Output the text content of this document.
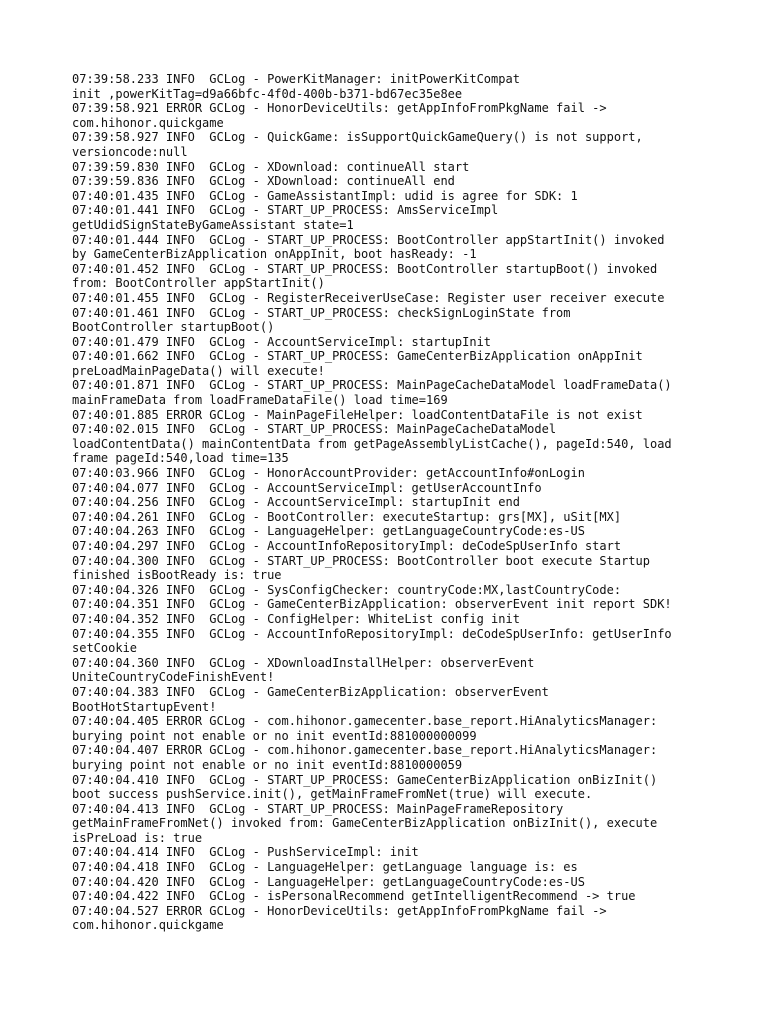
07:39:58.233 INFO  GCLog - PowerKitManager: initPowerKitCompat
init ,powerKitTag=d9a66bfc-4f0d-400b-b371-bd67ec35e8ee
07:39:58.921 ERROR GCLog - HonorDeviceUtils: getAppInfoFromPkgName fail ->
com.hihonor.quickgame
07:39:58.927 INFO  GCLog - QuickGame: isSupportQuickGameQuery() is not support,
versioncode:null
07:39:59.830 INFO  GCLog - XDownload: continueAll start
07:39:59.836 INFO  GCLog - XDownload: continueAll end
07:40:01.435 INFO  GCLog - GameAssistantImpl: udid is agree for SDK: 1
07:40:01.441 INFO  GCLog - START_UP_PROCESS: AmsServiceImpl
getUdidSignStateByGameAssistant state=1
07:40:01.444 INFO  GCLog - START_UP_PROCESS: BootController appStartInit() invoked
by GameCenterBizApplication onAppInit, boot hasReady: -1
07:40:01.452 INFO  GCLog - START_UP_PROCESS: BootController startupBoot() invoked
from: BootController appStartInit()
07:40:01.455 INFO  GCLog - RegisterReceiverUseCase: Register user receiver execute
07:40:01.461 INFO  GCLog - START_UP_PROCESS: checkSignLoginState from
BootController startupBoot()
07:40:01.479 INFO  GCLog - AccountServiceImpl: startupInit
07:40:01.662 INFO  GCLog - START_UP_PROCESS: GameCenterBizApplication onAppInit
preLoadMainPageData() will execute!
07:40:01.871 INFO  GCLog - START_UP_PROCESS: MainPageCacheDataModel loadFrameData()
mainFrameData from loadFrameDataFile() load time=169
07:40:01.885 ERROR GCLog - MainPageFileHelper: loadContentDataFile is not exist
07:40:02.015 INFO  GCLog - START_UP_PROCESS: MainPageCacheDataModel
loadContentData() mainContentData from getPageAssemblyListCache(), pageId:540, load
frame pageId:540,load time=135
07:40:03.966 INFO  GCLog - HonorAccountProvider: getAccountInfo#onLogin
07:40:04.077 INFO  GCLog - AccountServiceImpl: getUserAccountInfo
07:40:04.256 INFO  GCLog - AccountServiceImpl: startupInit end
07:40:04.261 INFO  GCLog - BootController: executeStartup: grs[MX], uSit[MX]
07:40:04.263 INFO  GCLog - LanguageHelper: getLanguageCountryCode:es-US
07:40:04.297 INFO  GCLog - AccountInfoRepositoryImpl: deCodeSpUserInfo start
07:40:04.300 INFO  GCLog - START_UP_PROCESS: BootController boot execute Startup
finished isBootReady is: true
07:40:04.326 INFO  GCLog - SysConfigChecker: countryCode:MX,lastCountryCode:
07:40:04.351 INFO  GCLog - GameCenterBizApplication: observerEvent init report SDK!
07:40:04.352 INFO  GCLog - ConfigHelper: WhiteList config init
07:40:04.355 INFO  GCLog - AccountInfoRepositoryImpl: deCodeSpUserInfo: getUserInfo
setCookie
07:40:04.360 INFO  GCLog - XDownloadInstallHelper: observerEvent
UniteCountryCodeFinishEvent!
07:40:04.383 INFO  GCLog - GameCenterBizApplication: observerEvent
BootHotStartupEvent!
07:40:04.405 ERROR GCLog - com.hihonor.gamecenter.base_report.HiAnalyticsManager:
burying point not enable or no init eventId:881000000099
07:40:04.407 ERROR GCLog - com.hihonor.gamecenter.base_report.HiAnalyticsManager:
burying point not enable or no init eventId:8810000059
07:40:04.410 INFO  GCLog - START_UP_PROCESS: GameCenterBizApplication onBizInit()
boot success pushService.init(), getMainFrameFromNet(true) will execute.
07:40:04.413 INFO  GCLog - START_UP_PROCESS: MainPageFrameRepository
getMainFrameFromNet() invoked from: GameCenterBizApplication onBizInit(), execute
isPreLoad is: true
07:40:04.414 INFO  GCLog - PushServiceImpl: init
07:40:04.418 INFO  GCLog - LanguageHelper: getLanguage language is: es
07:40:04.420 INFO  GCLog - LanguageHelper: getLanguageCountryCode:es-US
07:40:04.422 INFO  GCLog - isPersonalRecommend getIntelligentRecommend -> true
07:40:04.527 ERROR GCLog - HonorDeviceUtils: getAppInfoFromPkgName fail ->
com.hihonor.quickgame
